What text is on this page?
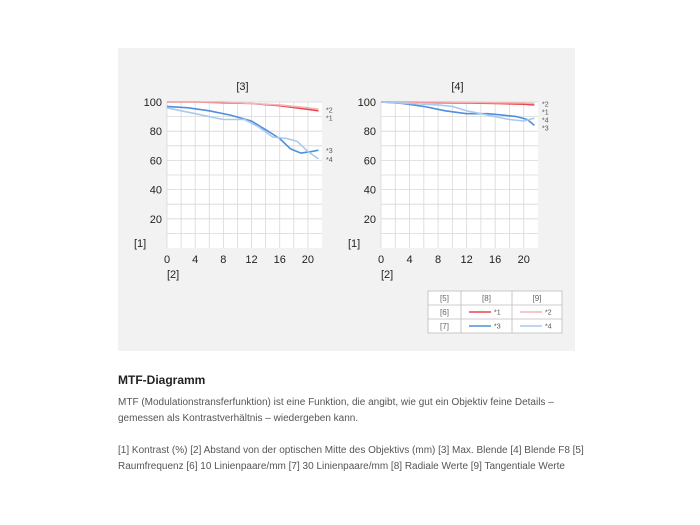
20
40
60
80
100
0 4 8 12 16 20
[3]
[1]
[2]
*1
*2
*3
*4
20
40
60
80
100
0 4 8 12 16 20
[4]
[1]
[2]
*1
*2
*3
*4
[5]	[8]	[9]
[6]	*1	*2
[7]	*3	*4
MTF-Diagramm

MTF (Modulationstransferfunktion) ist eine Funktion, die angibt, wie gut ein Objektiv feine Details – gemessen als Kontrastverhältnis – wiedergeben kann.

[1] Kontrast (%) [2] Abstand von der optischen Mitte des Objektivs (mm) [3] Max. Blende [4] Blende F8 [5] Raumfrequenz [6] 10 Linienpaare/mm [7] 30 Linienpaare/mm [8] Radiale Werte [9] Tangentiale Werte
